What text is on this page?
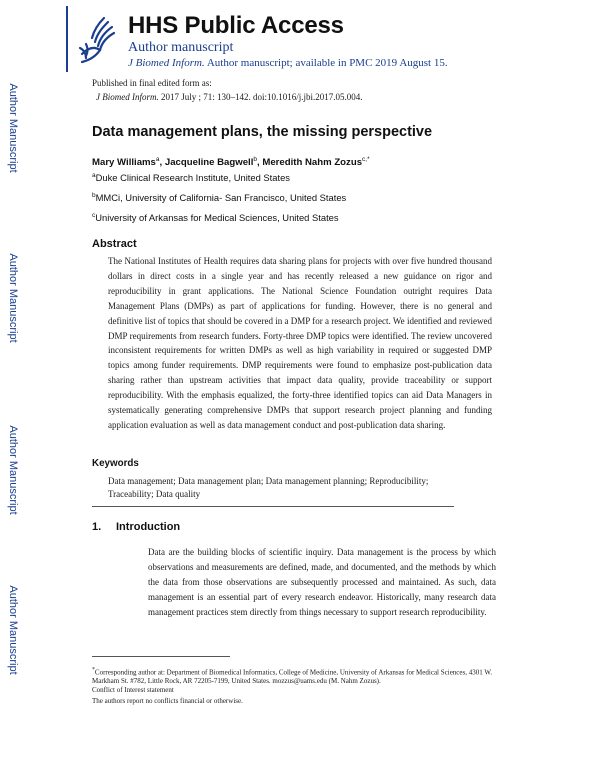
HHS Public Access
Author manuscript
J Biomed Inform. Author manuscript; available in PMC 2019 August 15.
Author Manuscript
Author Manuscript
Author Manuscript
Author Manuscript
Published in final edited form as:
J Biomed Inform. 2017 July ; 71: 130–142. doi:10.1016/j.jbi.2017.05.004.
Data management plans, the missing perspective
Mary Williams$^a$, Jacqueline Bagwell$^b$, Meredith Nahm Zozus$^{c,*}$
$^a$Duke Clinical Research Institute, United States
$^b$MMCi, University of California- San Francisco, United States
$^c$University of Arkansas for Medical Sciences, United States
Abstract
The National Institutes of Health requires data sharing plans for projects with over five hundred thousand dollars in direct costs in a single year and has recently released a new guidance on rigor and reproducibility in grant applications. The National Science Foundation outright requires Data Management Plans (DMPs) as part of applications for funding. However, there is no general and definitive list of topics that should be covered in a DMP for a research project. We identified and reviewed DMP requirements from research funders. Forty-three DMP topics were identified. The review uncovered inconsistent requirements for written DMPs as well as high variability in required or suggested DMP topics among funder requirements. DMP requirements were found to emphasize post-publication data sharing rather than upstream activities that impact data quality, provide traceability or support reproducibility. With the emphasis equalized, the forty-three identified topics can aid Data Managers in systematically generating comprehensive DMPs that support research project planning and funding application evaluation as well as data management conduct and post-publication data sharing.
Keywords
Data management; Data management plan; Data management planning; Reproducibility; Traceability; Data quality
1. Introduction
Data are the building blocks of scientific inquiry. Data management is the process by which observations and measurements are defined, made, and documented, and the methods by which the data from those observations are subsequently processed and maintained. As such, data management is an essential part of every research endeavor. Historically, many research data management practices stem directly from things necessary to support research reproducibility.
*Corresponding author at: Department of Biomedical Informatics, College of Medicine, University of Arkansas for Medical Sciences, 4301 W. Markham St. #782, Little Rock, AR 72205-7199, United States. mozzus@uams.edu (M. Nahm Zozus).
Conflict of Interest statement
The authors report no conflicts financial or otherwise.
